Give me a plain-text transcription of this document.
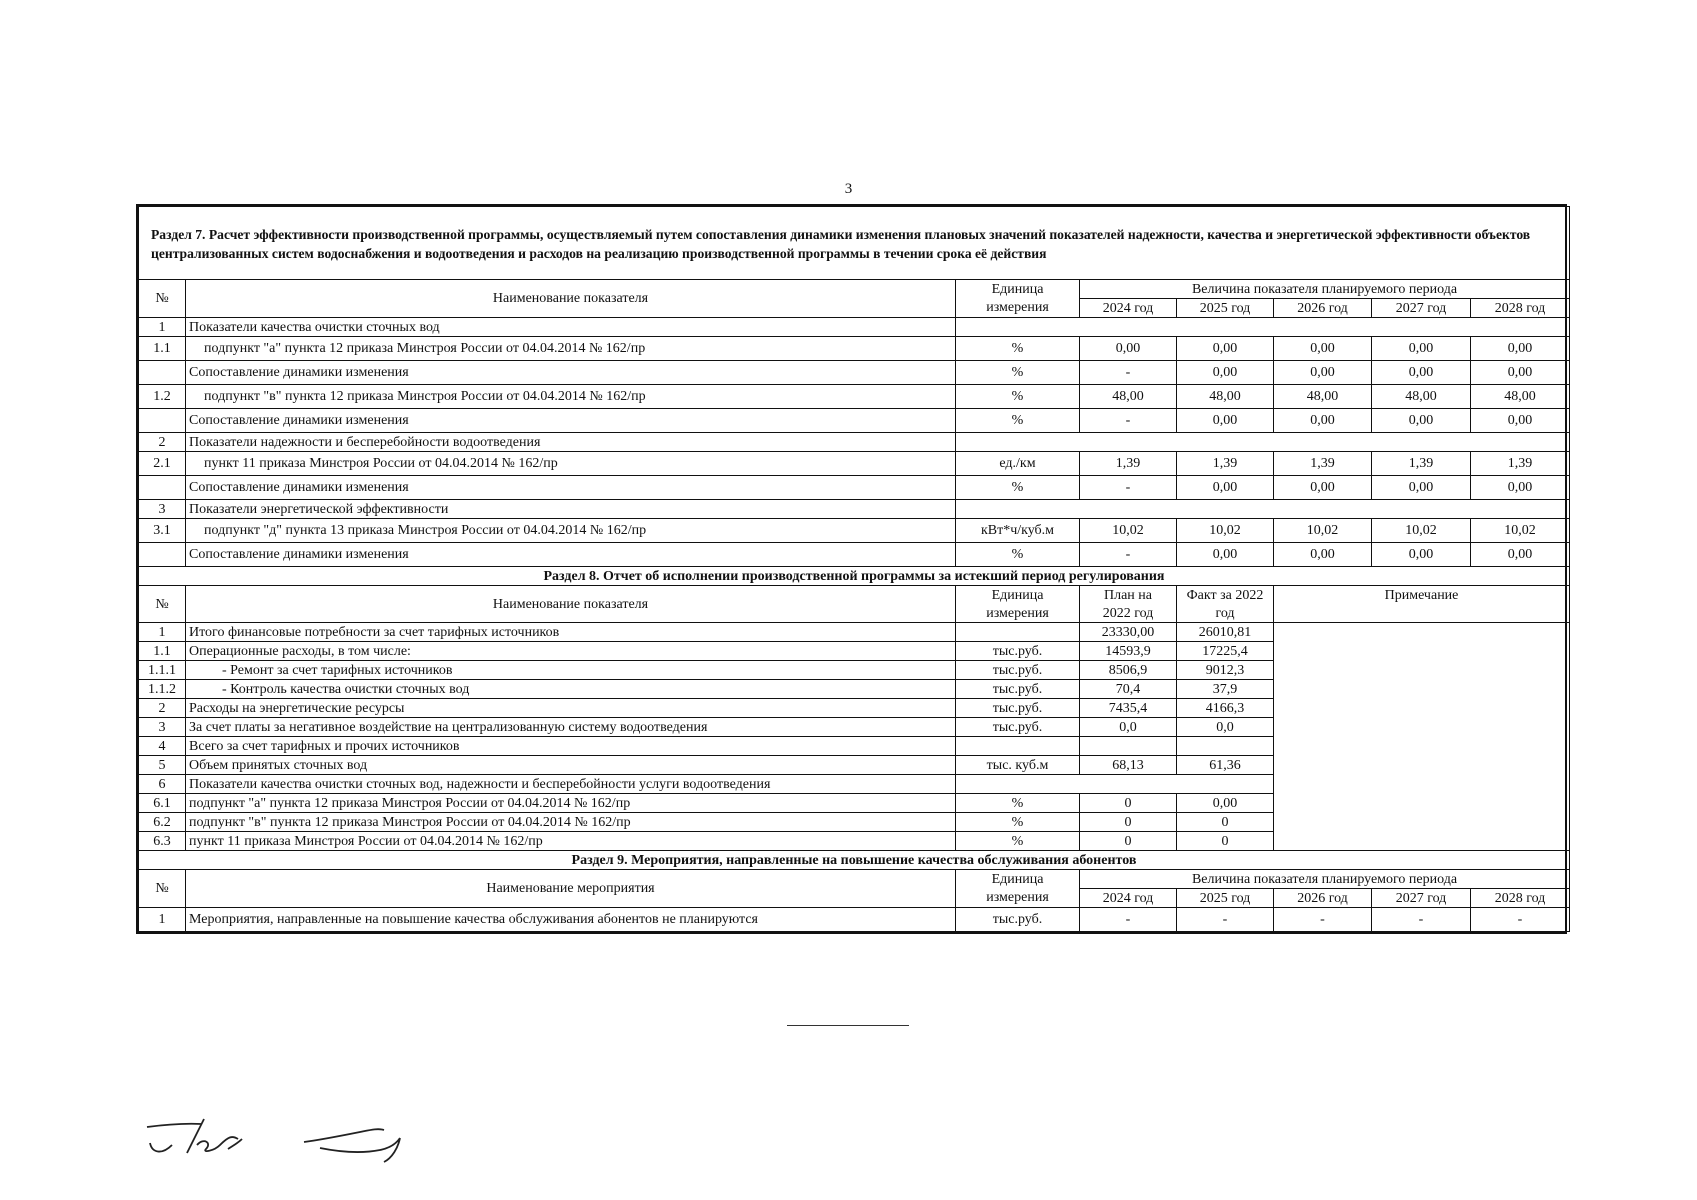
3
Раздел 7. Расчет эффективности производственной программы, осуществляемый путем сопоставления динамики изменения плановых значений показателей надежности, качества и энергетической эффективности объектов централизованных систем водоснабжения и водоотведения и расходов на реализацию производственной программы в течении срока её действия							
№	Наименование показателя	Единица	Величина показателя планируемого периода				
		измерения	2024 год	2025 год	2026 год	2027 год	2028 год
1	Показатели качества очистки сточных вод						
1.1	подпункт "а" пункта 12 приказа Минстроя России от 04.04.2014 № 162/пр	%	0,00	0,00	0,00	0,00	0,00
	Сопоставление динамики изменения	%	-	0,00	0,00	0,00	0,00
1.2	подпункт "в" пункта 12 приказа Минстроя России от 04.04.2014 № 162/пр	%	48,00	48,00	48,00	48,00	48,00
	Сопоставление динамики изменения	%	-	0,00	0,00	0,00	0,00
2	Показатели надежности и бесперебойности водоотведения						
2.1	пункт 11 приказа Минстроя России от 04.04.2014 № 162/пр	ед./км	1,39	1,39	1,39	1,39	1,39
	Сопоставление динамики изменения	%	-	0,00	0,00	0,00	0,00
3	Показатели энергетической эффективности						
3.1	подпункт "д" пункта 13 приказа Минстроя России от 04.04.2014 № 162/пр	кВт*ч/куб.м	10,02	10,02	10,02	10,02	10,02
	Сопоставление динамики изменения	%	-	0,00	0,00	0,00	0,00
Раздел 8. Отчет об исполнении производственной программы за истекший период регулирования							
№	Наименование показателя	Единица	План на	Факт за 2022	Примечание		
		измерения	2022 год	год			
1	Итого финансовые потребности за счет тарифных источников		23330,00	26010,81			
1.1	Операционные расходы, в том числе:	тыс.руб.	14593,9	17225,4			
1.1.1	- Ремонт за счет тарифных источников	тыс.руб.	8506,9	9012,3			
1.1.2	- Контроль качества очистки сточных вод	тыс.руб.	70,4	37,9			
2	Расходы на энергетические ресурсы	тыс.руб.	7435,4	4166,3			
3	За счет платы за негативное воздействие на централизованную систему водоотведения	тыс.руб.	0,0	0,0			
4	Всего за счет тарифных и прочих источников						
5	Объем принятых сточных вод	тыс. куб.м	68,13	61,36			
6	Показатели качества очистки сточных вод, надежности и бесперебойности услуги водоотведения						
6.1	подпункт "а" пункта 12 приказа Минстроя России от 04.04.2014 № 162/пр	%	0	0,00			
6.2	подпункт "в" пункта 12 приказа Минстроя России от 04.04.2014 № 162/пр	%	0	0			
6.3	пункт 11 приказа Минстроя России от 04.04.2014 № 162/пр	%	0	0			
Раздел 9. Мероприятия, направленные на повышение качества обслуживания абонентов							
№	Наименование мероприятия	Единица	Величина показателя планируемого периода				
		измерения	2024 год	2025 год	2026 год	2027 год	2028 год
1	Мероприятия, направленные на повышение качества обслуживания абонентов не планируются	тыс.руб.	-	-	-	-	-
